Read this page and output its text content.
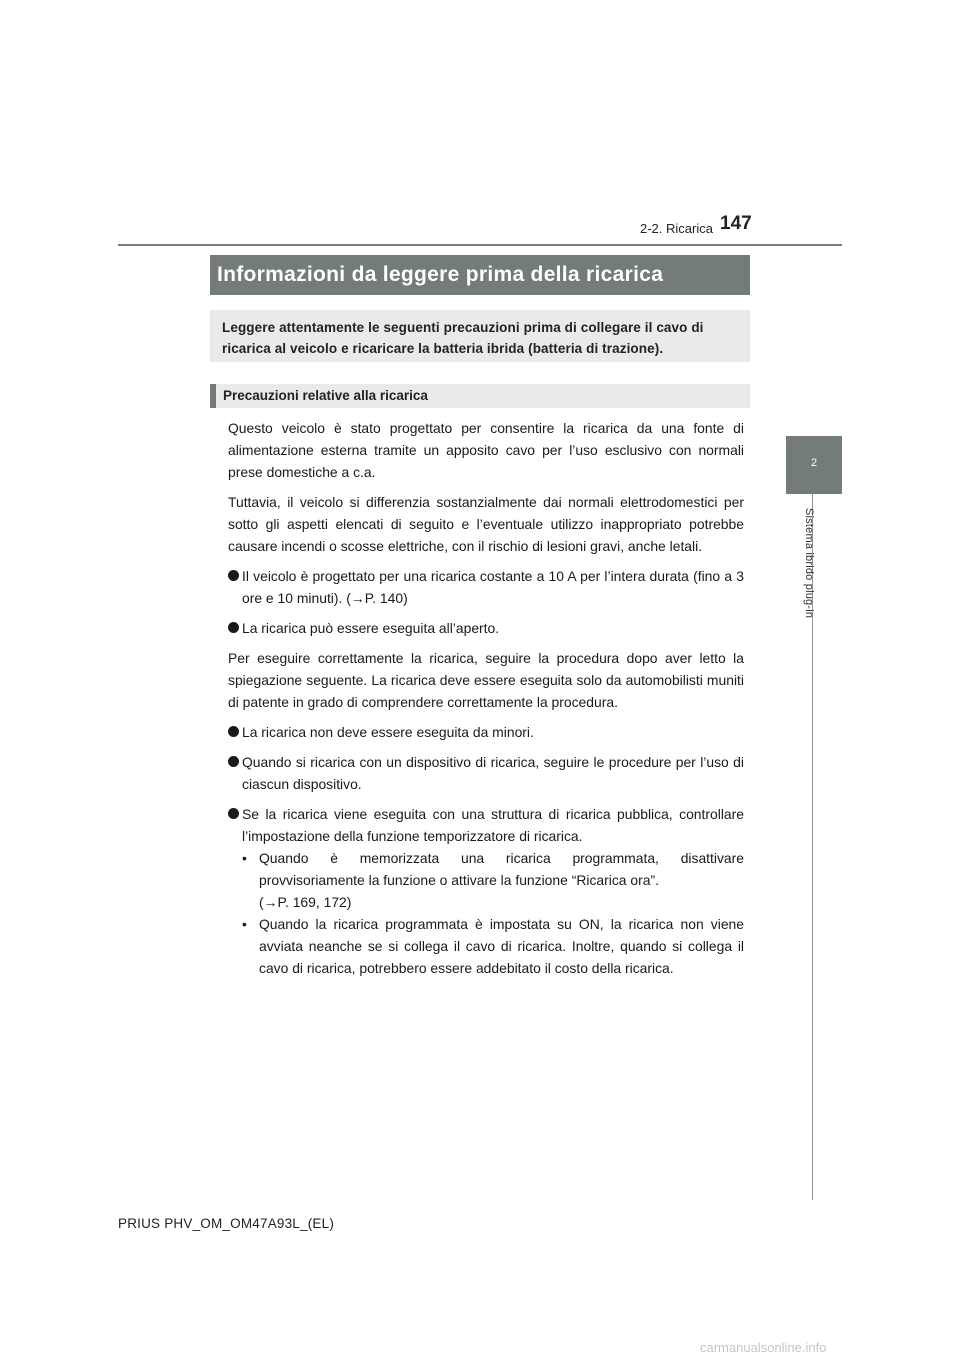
2-2. Ricarica 147
2
Sistema ibrido plug-in
Informazioni da leggere prima della ricarica
Leggere attentamente le seguenti precauzioni prima di collegare il cavo di ricarica al veicolo e ricaricare la batteria ibrida (batteria di trazione).
Precauzioni relative alla ricarica

Questo veicolo è stato progettato per consentire la ricarica da una fonte di alimentazione esterna tramite un apposito cavo per l’uso esclusivo con normali prese domestiche a c.a.

Tuttavia, il veicolo si differenzia sostanzialmente dai normali elettrodomestici per sotto gli aspetti elencati di seguito e l’eventuale utilizzo inappropriato potrebbe causare incendi o scosse elettriche, con il rischio di lesioni gravi, anche letali.

Il veicolo è progettato per una ricarica costante a 10 A per l’intera durata (fino a 3 ore e 10 minuti). (→P. 140)
La ricarica può essere eseguita all’aperto.

Per eseguire correttamente la ricarica, seguire la procedura dopo aver letto la spiegazione seguente. La ricarica deve essere eseguita solo da automobilisti muniti di patente in grado di comprendere correttamente la procedura.

La ricarica non deve essere eseguita da minori.
Quando si ricarica con un dispositivo di ricarica, seguire le procedure per l’uso di ciascun dispositivo.
Se la ricarica viene eseguita con una struttura di ricarica pubblica, controllare l’impostazione della funzione temporizzatore di ricarica.
• Quando è memorizzata una ricarica programmata, disattivare provvisoriamente la funzione o attivare la funzione “Ricarica ora”.
(→P. 169, 172)
• Quando la ricarica programmata è impostata su ON, la ricarica non viene avviata neanche se si collega il cavo di ricarica. Inoltre, quando si collega il cavo di ricarica, potrebbero essere addebitato il costo della ricarica.
PRIUS PHV_OM_OM47A93L_(EL)
carmanualsonline.info
